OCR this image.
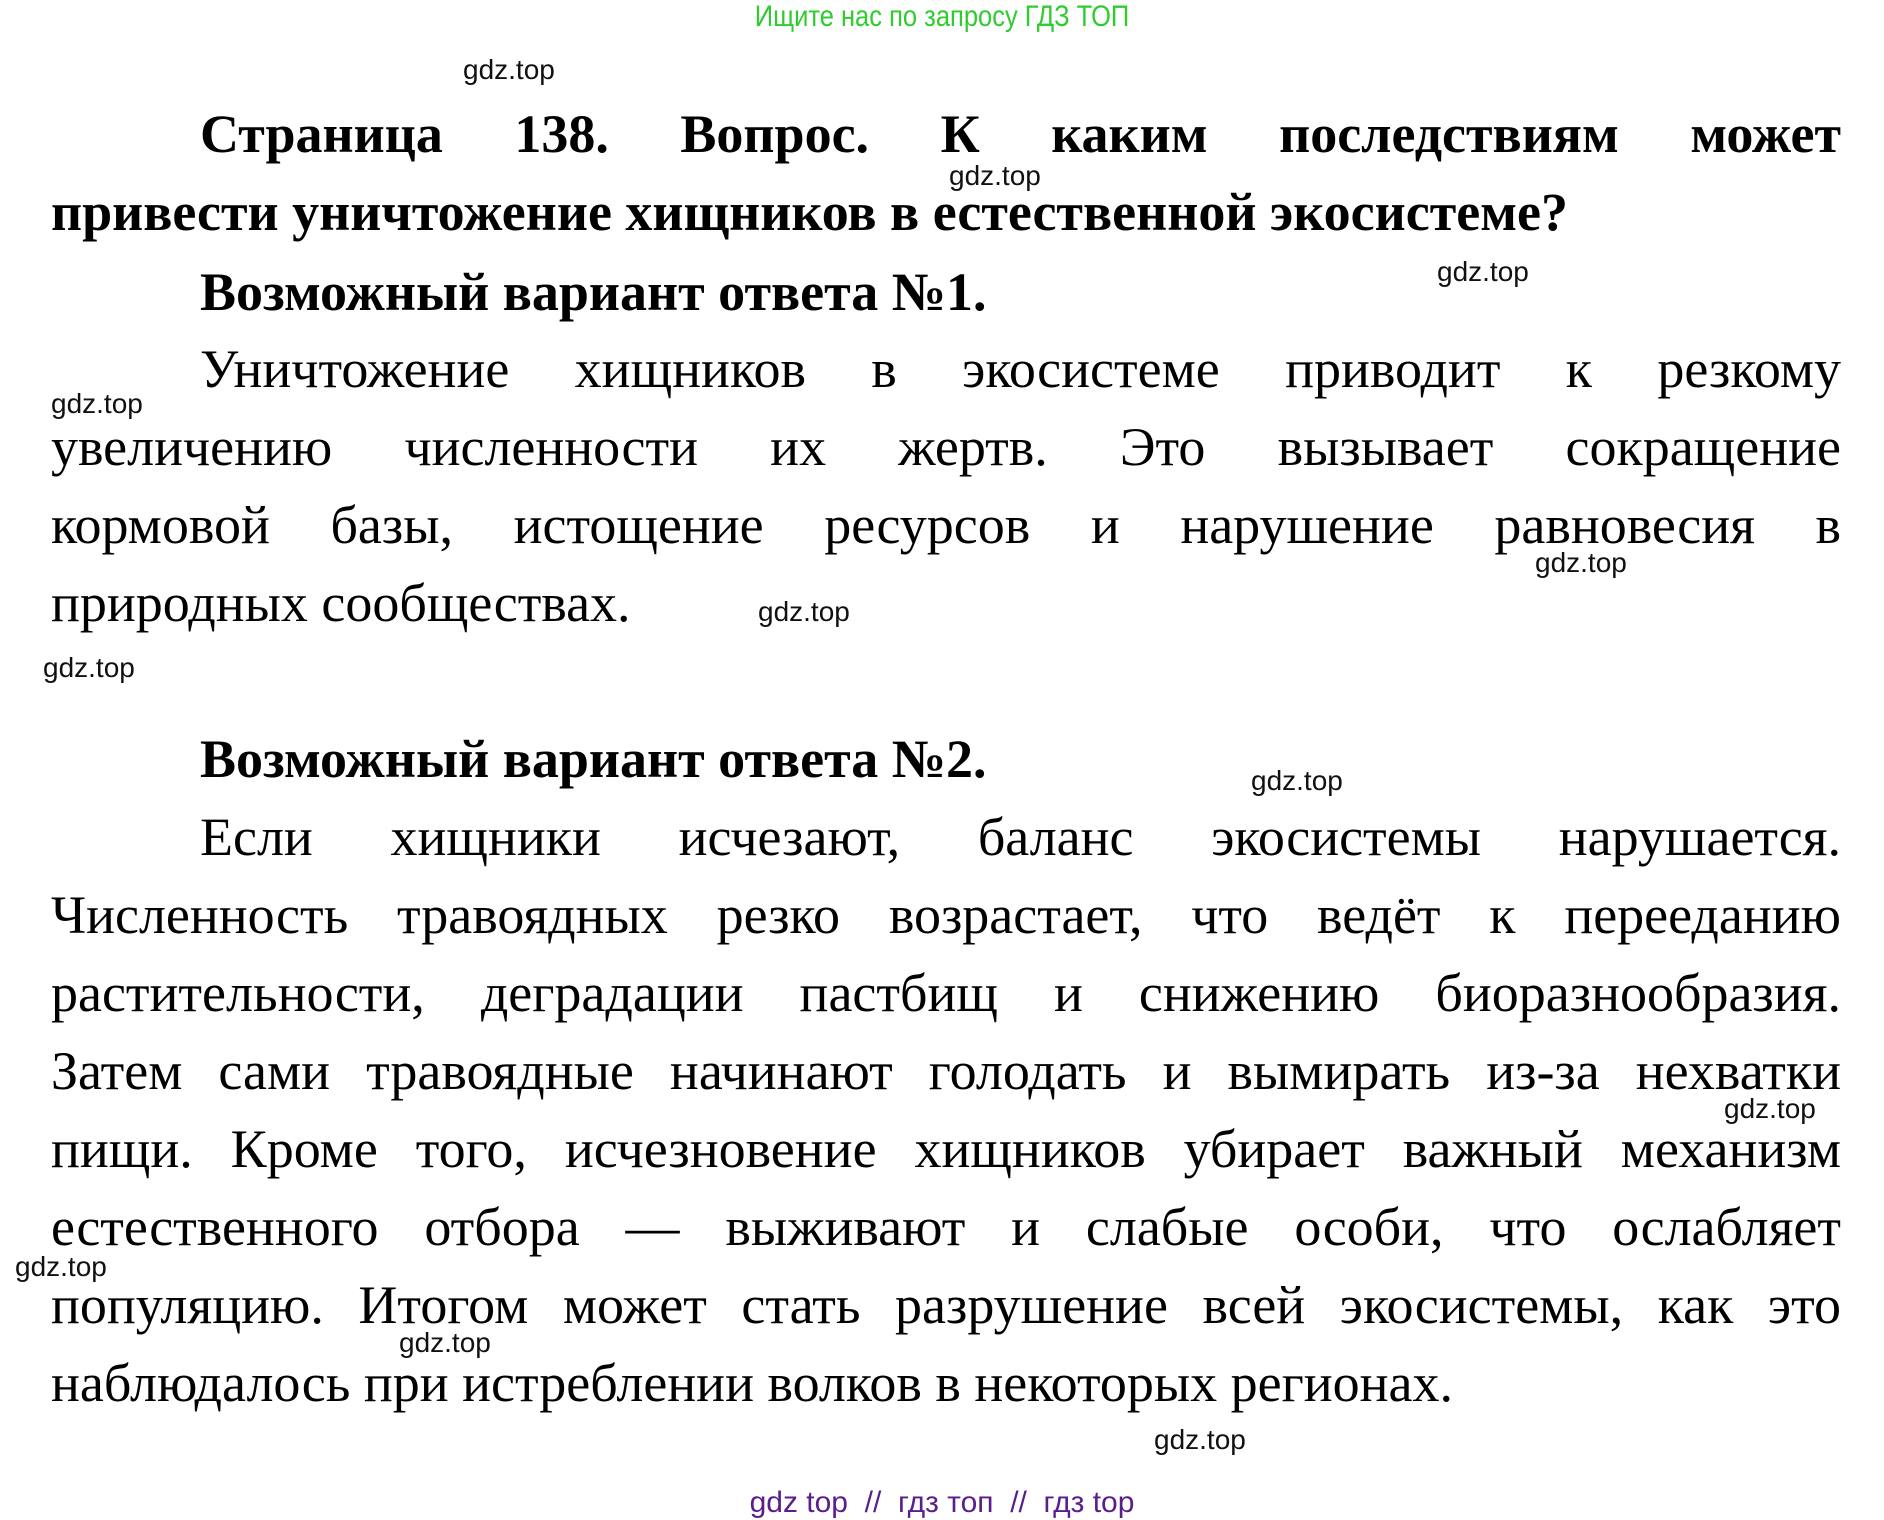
Ищите нас по запросу ГДЗ ТОП
Страница 138. Вопрос. К каким последствиям может
привести уничтожение хищников в естественной экосистеме?
Возможный вариант ответа №1.
Уничтожение хищников в экосистеме приводит к резкому
увеличению численности их жертв. Это вызывает сокращение
кормовой базы, истощение ресурсов и нарушение равновесия в
природных сообществах.
Возможный вариант ответа №2.
Если хищники исчезают, баланс экосистемы нарушается.
Численность травоядных резко возрастает, что ведёт к перееданию
растительности, деградации пастбищ и снижению биоразнообразия.
Затем сами травоядные начинают голодать и вымирать из-за нехватки
пищи. Кроме того, исчезновение хищников убирает важный механизм
естественного отбора — выживают и слабые особи, что ослабляет
популяцию. Итогом может стать разрушение всей экосистемы, как это
наблюдалось при истреблении волков в некоторых регионах.
gdz.top
gdz.top
gdz.top
gdz.top
gdz.top
gdz.top
gdz.top
gdz.top
gdz.top
gdz.top
gdz.top
gdz.top
gdz top  //  гдз топ  //  гдз top
